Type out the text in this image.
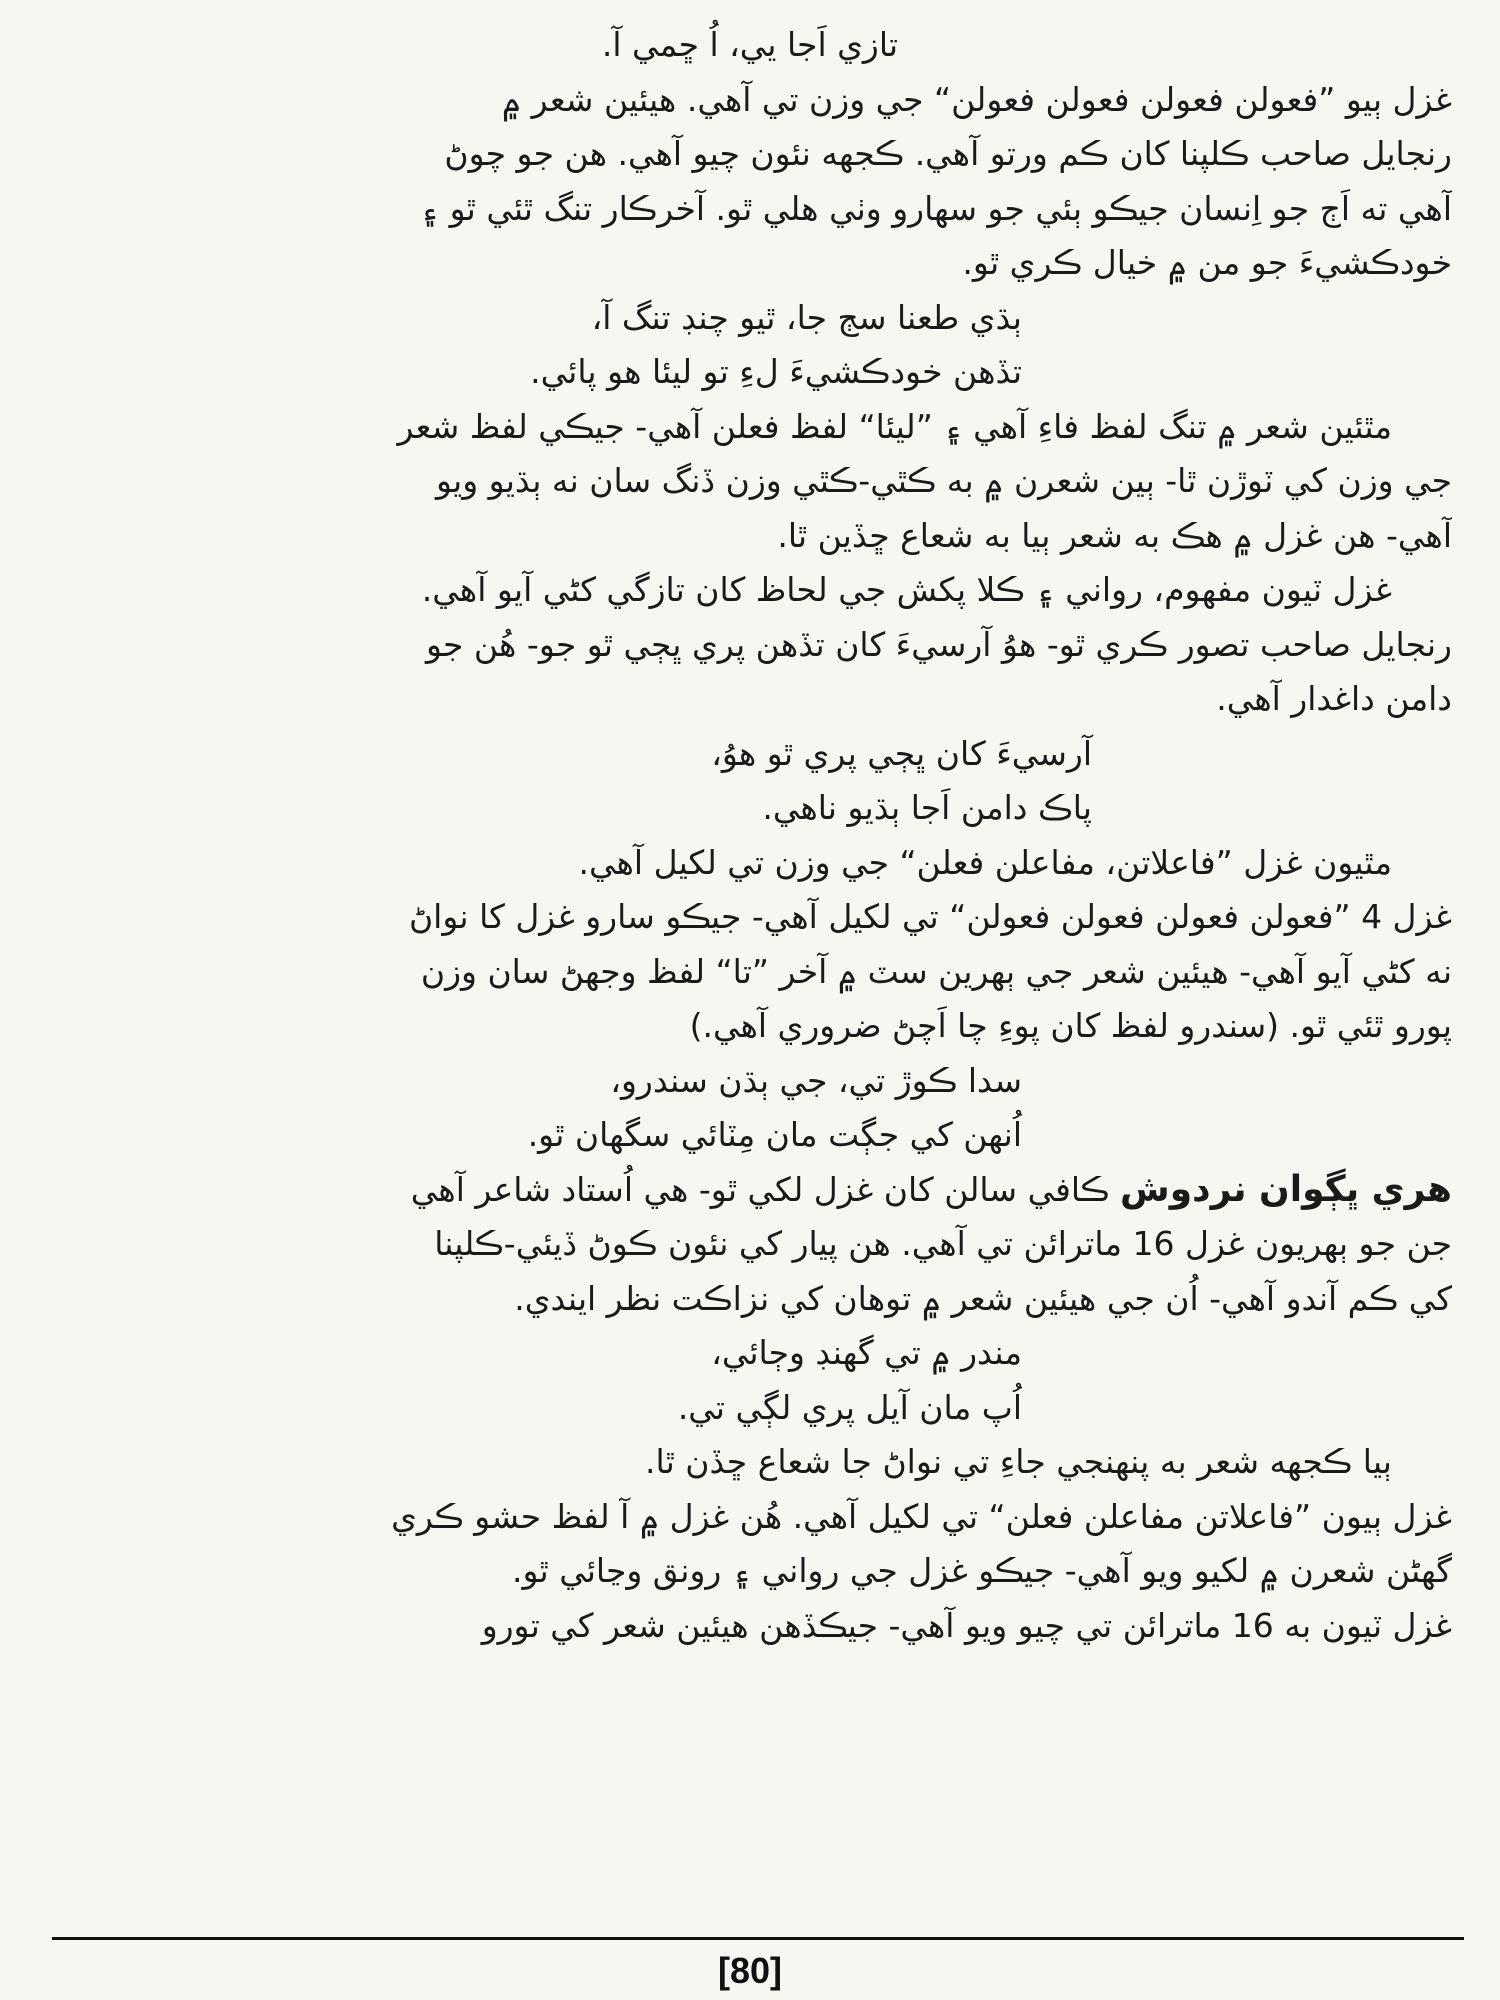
تازي اَجا يي، اُ ڇمي آ.
غزل ٻيو ”فعولن فعولن فعولن فعولن“ جي وزن تي آهي. هيئين شعر ۾
رنجايل صاحب ڪلپنا کان ڪم ورتو آهي. ڪجهه نئون چيو آهي. هن جو چوڻ
آهي ته اَڄ جو اِنسان جيڪو ٻئي جو سهارو وٺي هلي ٿو. آخرڪار تنگ ٿئي ٿو ۽
خودڪشيءَ جو من ۾ خيال ڪري ٿو.
ٻڌي طعنا سڄ جا، ٿيو چنڊ تنگ آ،
تڏهن خودڪشيءَ لءِ تو ليئا هو پائي.
مٿئين شعر ۾ تنگ لفظ فاءِ آهي ۽ ”ليئا“ لفظ فعلن آهي- جيڪي لفظ شعر
جي وزن کي ٽوڙن ٿا- ٻين شعرن ۾ به ڪٿي-ڪٿي وزن ڏنگ سان نه ٻڌيو ويو
آهي- هن غزل ۾ هڪ به شعر ٻيا به شعاع ڇڏين ٿا.
غزل ٽيون مفهوم، رواني ۽ ڪلا پکش جي لحاظ کان تازگي کڻي آيو آهي.
رنجايل صاحب تصور ڪري ٿو- هوُ آرسيءَ کان تڏهن پري ڀڄي ٿو جو- هُن جو
دامن داغدار آهي.
آرسيءَ کان ڀڄي پري ٿو هوُ،
پاڪ دامن اَجا ٻڌيو ناهي.
مٿيون غزل ”فاعلاتن، مفاعلن فعلن“ جي وزن تي لکيل آهي.
غزل 4 ”فعولن فعولن فعولن فعولن“ تي لکيل آهي- جيڪو سارو غزل کا نواڻ
نه کڻي آيو آهي- هيئين شعر جي ٻهرين سٽ ۾ آخر ”تا“ لفظ وجهڻ سان وزن
پورو ٿئي ٿو. (سندرو لفظ کان پوءِ چا اَچڻ ضروري آهي.)
سدا ڪوڙ تي، جي ٻڌن سندرو،
اُنهن کي جڳت مان مِٽائي سگهان ٿو.
هري ڀڳوان نردوش ڪافي سالن کان غزل لکي ٿو- هي اُستاد شاعر آهي
جن جو ٻهريون غزل 16 ماترائن تي آهي. هن پيار کي نئون ڪوڻ ڏيئي-ڪلپنا
کي ڪم آندو آهي- اُن جي هيئين شعر ۾ توهان کي نزاڪت نظر ايندي.
مندر ۾ تي گهنڊ وڄائي،
اُپ مان آيل پري لڳي تي.
ٻيا ڪجهه شعر به پنهنجي جاءِ تي نواڻ جا شعاع ڇڏن ٿا.
غزل ٻيون ”فاعلاتن مفاعلن فعلن“ تي لکيل آهي. هُن غزل ۾ آ لفظ حشو ڪري
گهڻن شعرن ۾ لکيو ويو آهي- جيڪو غزل جي رواني ۽ رونق وڃائي ٿو.
غزل ٽيون به 16 ماترائن تي چيو ويو آهي- جيڪڏهن هيئين شعر کي تورو
[80]
